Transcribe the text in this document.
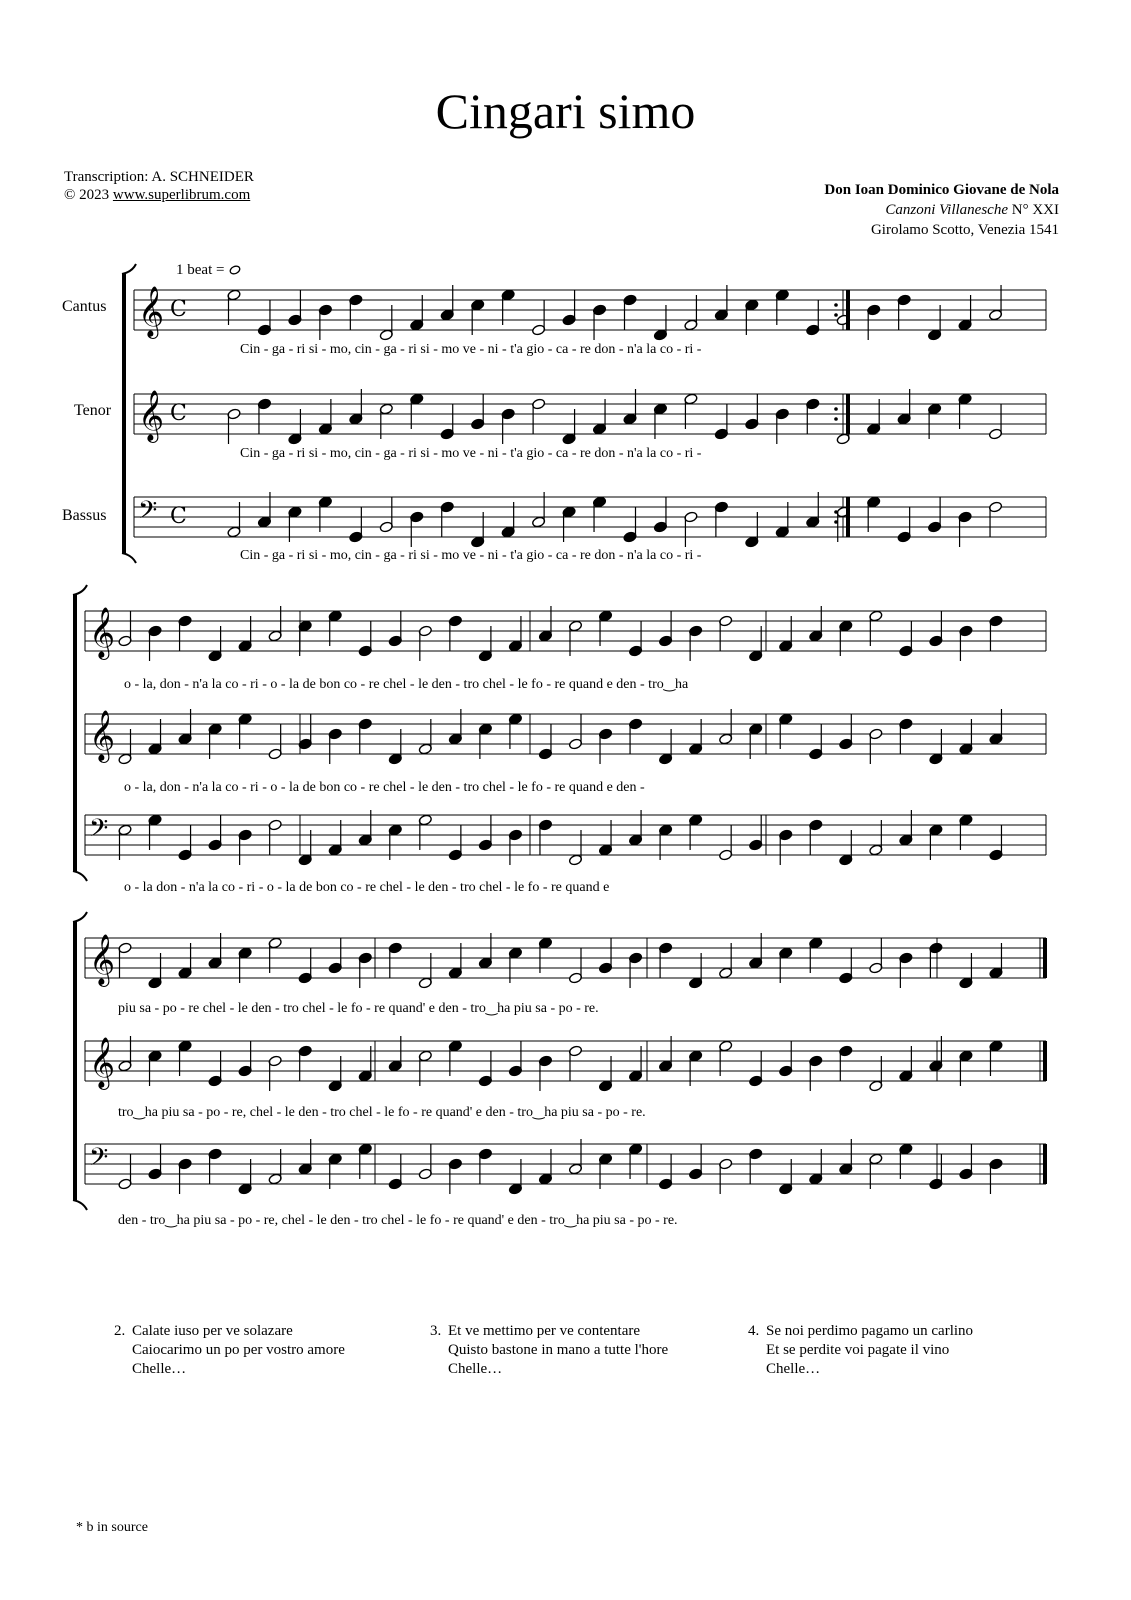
Cingari simo
Transcription: A. SCHNEIDER
© 2023 www.superlibrum.com	Don Ioan Dominico Giovane de Nola
Canzoni Villanesche N° XXI
Girolamo Scotto, Venezia 1541
1 beat =
Cantus
Tenor
Bassus
𝄞 C
𝄞 C
𝄢 C
𝄞
𝄞
𝄢
𝄞
𝄞
𝄢
Cin - ga - ri si - mo, cin - ga - ri si - mo ve - ni - t'a gio - ca - re don - n'a la co - ri -
Cin - ga - ri si - mo, cin - ga - ri si - mo ve - ni - t'a gio - ca - re don - n'a la co - ri -
Cin - ga - ri si - mo, cin - ga - ri si - mo ve - ni - t'a gio - ca - re don - n'a la co - ri -
o - la, don - n'a la co - ri - o - la de bon co - re chel - le den - tro chel - le fo - re quand e den - tro‿ha
o - la, don - n'a la co - ri - o - la de bon co - re chel - le den - tro chel - le fo - re quand e den -
o - la don - n'a la co - ri - o - la de bon co - re chel - le den - tro chel - le fo - re quand e
piu sa - po - re chel - le den - tro chel - le fo - re quand' e den - tro‿ha piu sa - po - re.
tro‿ha piu sa - po - re, chel - le den - tro chel - le fo - re quand' e den - tro‿ha piu sa - po - re.
den - tro‿ha piu sa - po - re, chel - le den - tro chel - le fo - re quand' e den - tro‿ha piu sa - po - re.
2. Calate iuso per ve solazare
Caiocarimo un po per vostro amore
Chelle…
3. Et ve mettimo per ve contentare
Quisto bastone in mano a tutte l'hore
Chelle…
4. Se noi perdimo pagamo un carlino
Et se perdite voi pagate il vino
Chelle…
* b in source
